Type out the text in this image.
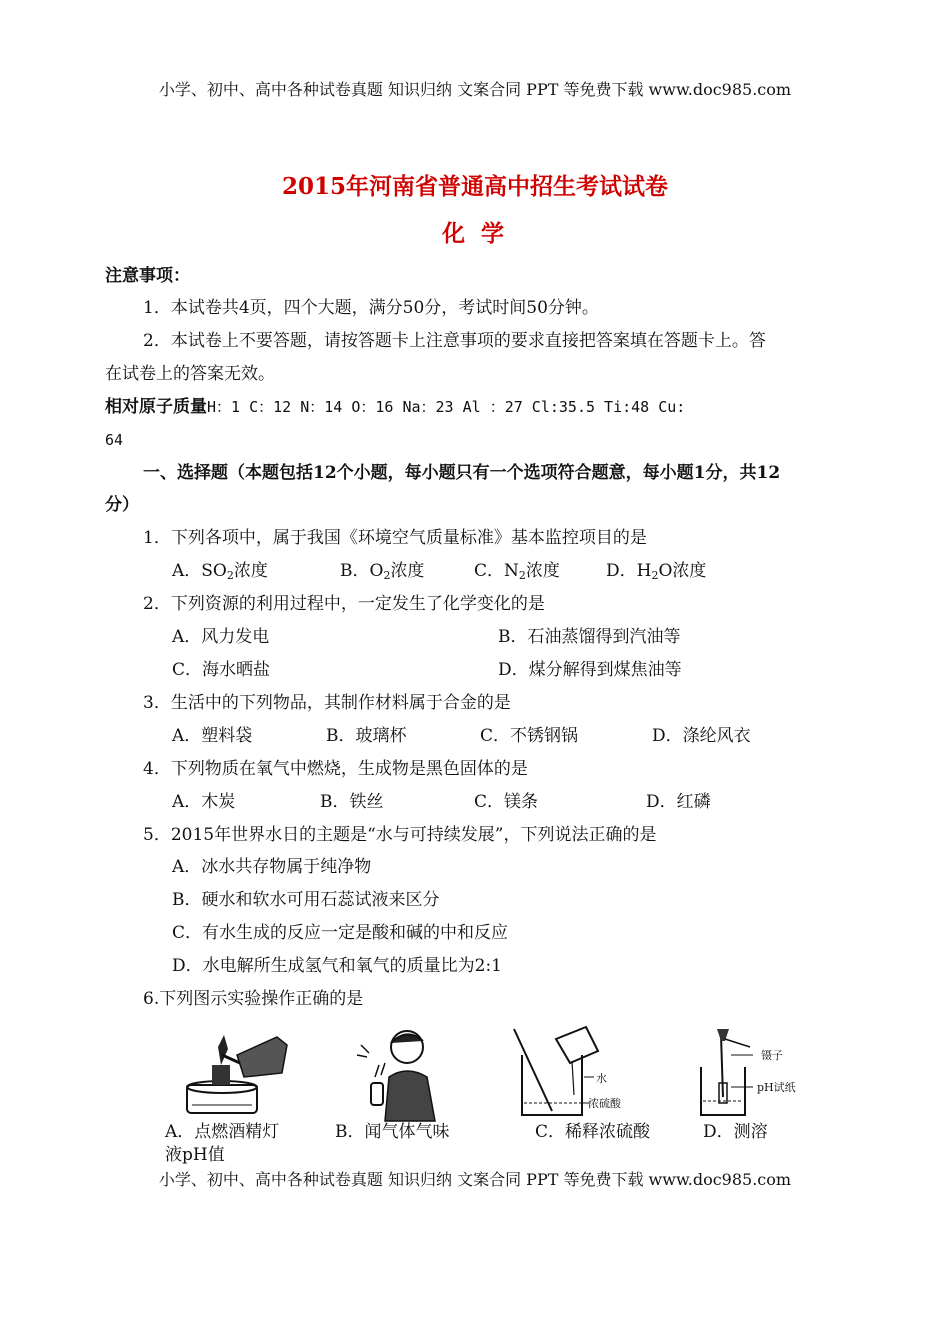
小学、初中、高中各种试卷真题 知识归纳 文案合同 PPT 等免费下载 www.doc985.com
2015年河南省普通高中招生考试试卷
化 学
注意事项：
1．本试卷共4页，四个大题，满分50分，考试时间50分钟。
2．本试卷上不要答题，请按答题卡上注意事项的要求直接把答案填在答题卡上。答
在试卷上的答案无效。
相对原子质量H：1 C：12 N：14 O：16 Na：23 Al ：27 Cl:35.5 Ti:48 Cu:
64
一、选择题（本题包括12个小题，每小题只有一个选项符合题意，每小题1分，共12
分）
1．下列各项中，属于我国《环境空气质量标准》基本监控项目的是
A．$SO_2$浓度	B．$O_2$浓度	C．$N_2$浓度	D．$H_2O$浓度
2．下列资源的利用过程中，一定发生了化学变化的是
A．风力发电	B．石油蒸馏得到汽油等
C．海水晒盐	D．煤分解得到煤焦油等
3．生活中的下列物品，其制作材料属于合金的是
A．塑料袋	B．玻璃杯	C．不锈钢锅	D．涤纶风衣
4．下列物质在氧气中燃烧，生成物是黑色固体的是
A．木炭	B．铁丝	C．镁条	D．红磷
5．2015年世界水日的主题是“水与可持续发展”，下列说法正确的是
A．冰水共存物属于纯净物
B．硬水和软水可用石蕊试液来区分
C．有水生成的反应一定是酸和碱的中和反应
D．水电解所生成氢气和氧气的质量比为2:1
6.下列图示实验操作正确的是
水
浓硫酸
镊子
pH试纸
A．点燃酒精灯	B．闻气体气味	C．稀释浓硫酸	D．测溶
液pH值
小学、初中、高中各种试卷真题 知识归纳 文案合同 PPT 等免费下载 www.doc985.com
